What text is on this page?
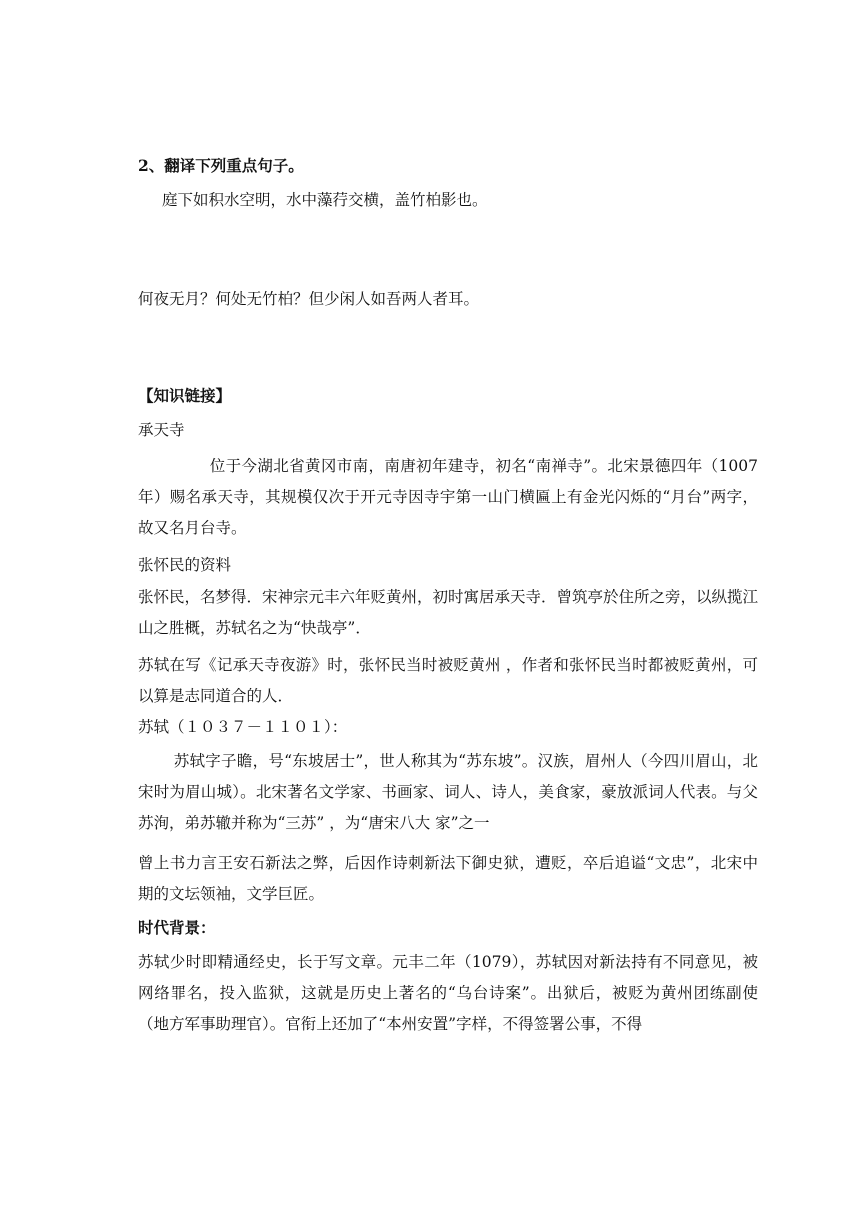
2、翻译下列重点句子。
庭下如积水空明，水中藻荇交横，盖竹柏影也。
何夜无月？何处无竹柏？但少闲人如吾两人者耳。
【知识链接】
承天寺
　　位于今湖北省黄冈市南，南唐初年建寺，初名“南禅寺”。北宋景德四年（1007年）赐名承天寺，其规模仅次于开元寺因寺宇第一山门横匾上有金光闪烁的“月台”两字，故又名月台寺。
张怀民的资料
张怀民，名梦得．宋神宗元丰六年贬黄州，初时寓居承天寺．曾筑亭於住所之旁，以纵揽江山之胜概，苏轼名之为“快哉亭”．
苏轼在写《记承天寺夜游》时，张怀民当时被贬黄州 ，作者和张怀民当时都被贬黄州，可以算是志同道合的人．
苏轼（１０３７－１１０１）：
　苏轼字子瞻，号“东坡居士”，世人称其为“苏东坡”。汉族，眉州人（今四川眉山，北宋时为眉山城）。北宋著名文学家、书画家、词人、诗人，美食家，豪放派词人代表。与父苏洵，弟苏辙并称为“三苏” ，为“唐宋八大 家”之一
曾上书力言王安石新法之弊，后因作诗刺新法下御史狱，遭贬，卒后追谥“文忠”，北宋中期的文坛领袖，文学巨匠。
时代背景：
苏轼少时即精通经史，长于写文章。元丰二年（1079），苏轼因对新法持有不同意见，被网络罪名，投入监狱，这就是历史上著名的“乌台诗案”。出狱后，被贬为黄州团练副使（地方军事助理官）。官衔上还加了“本州安置”字样，不得签署公事，不得
